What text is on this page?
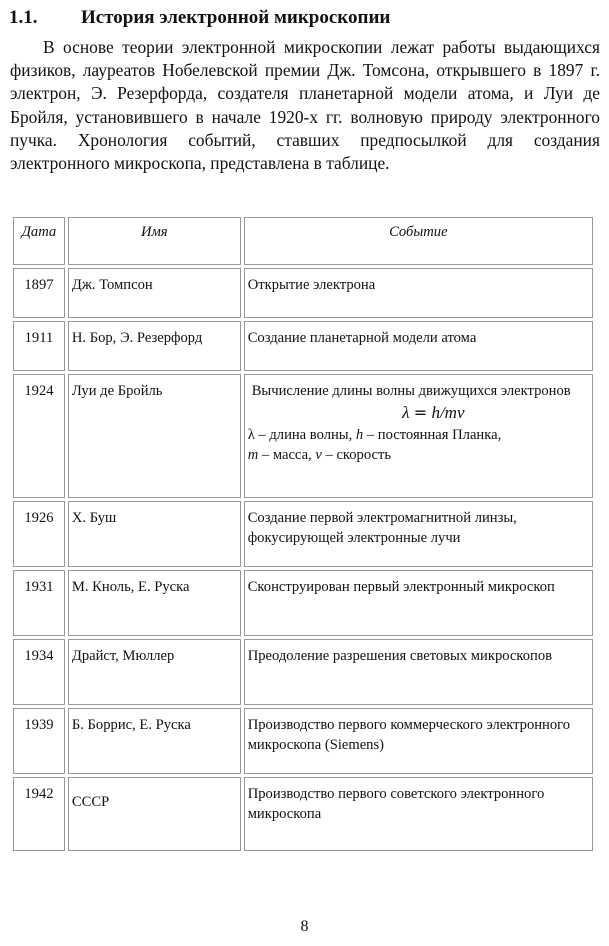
1.1. История электронной микроскопии

В основе теории электронной микроскопии лежат работы выдающихся физиков, лауреатов Нобелевской премии Дж. Томсона, открывшего в 1897 г. электрон, Э. Резерфорда, создателя планетарной модели атома, и Луи де Бройля, установившего в начале 1920-х гг. волновую природу электронного пучка. Хронология событий, ставших предпосылкой для создания электронного микроскопа, представлена в таблице.

Дата	Имя	Событие
1897	Дж. Томпсон	Открытие электрона
1911	Н. Бор, Э. Резерфорд	Создание планетарной модели атома
1924	Луи де Бройль	Вычисление длины волны движущихся электронов
λ = h/mv
λ – длина волны, h – постоянная Планка,
m – масса, v – скорость

1926	Х. Буш	Создание первой электромагнитной линзы, фокусирующей электронные лучи
1931	М. Кноль, Е. Руска	Сконструирован первый электронный микроскоп
1934	Драйст, Мюллер	Преодоление разрешения световых микроскопов
1939	Б. Боррис, Е. Руска	Производство первого коммерческого электронного микроскопа (Siemens)
1942	СССР	Производство первого советского электронного микроскопа
8
